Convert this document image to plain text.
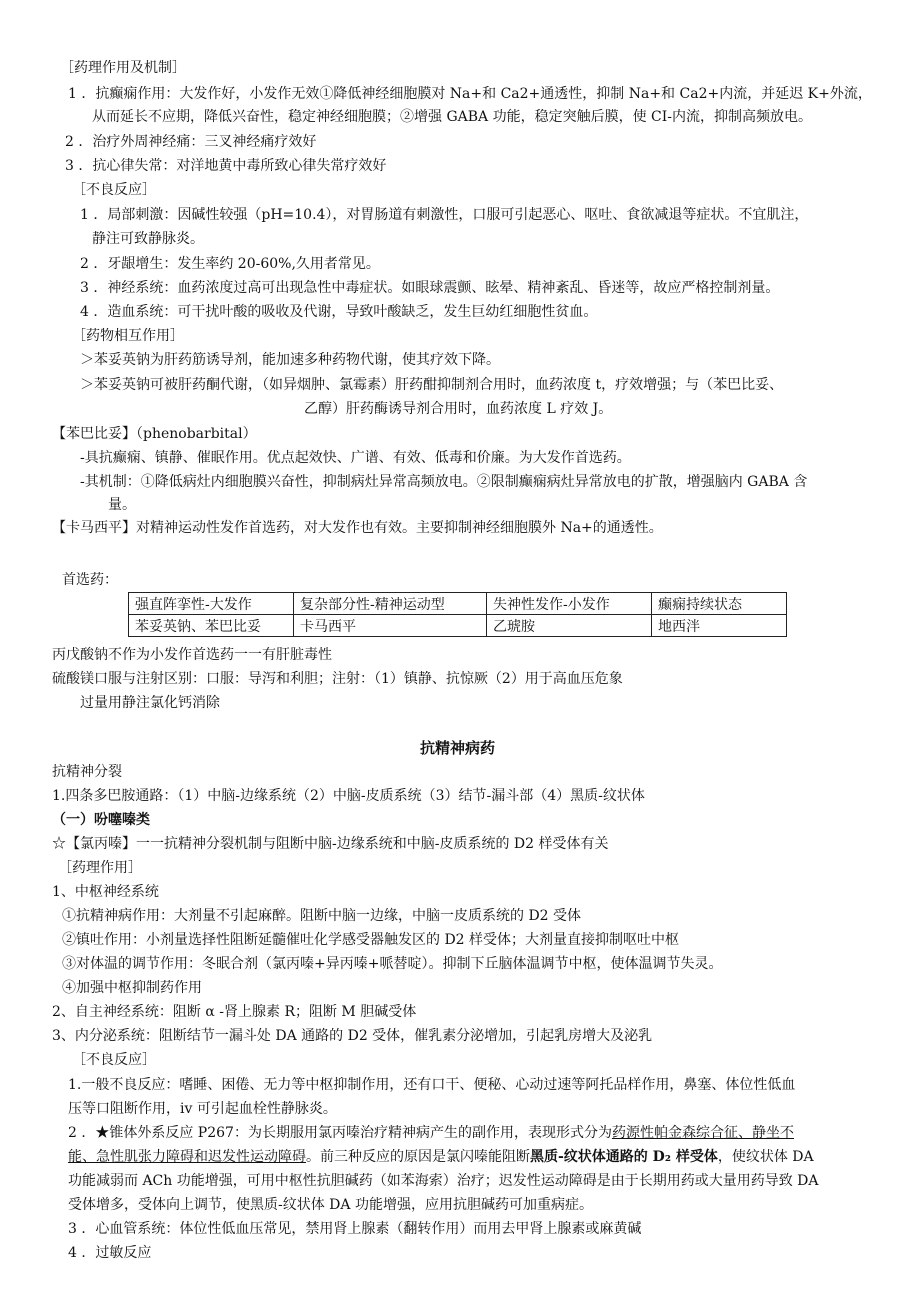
［药理作用及机制］
1 ．抗癫痫作用：大发作好，小发作无效①降低神经细胞膜对 Na+和 Ca2+通透性，抑制 Na+和 Ca2+内流，并延迟 K+外流，
从而延长不应期，降低兴奋性，稳定神经细胞膜；②增强 GABA 功能，稳定突触后膜，使 CI-内流，抑制高频放电。
2 ．治疗外周神经痛：三叉神经痛疗效好
3 ．抗心律失常：对洋地黄中毒所致心律失常疗效好
［不良反应］
1 ．局部刺激：因碱性较强（pH=10.4），对胃肠道有刺激性，口服可引起恶心、呕吐、食欲减退等症状。不宜肌注，
静注可致静脉炎。
2 ．牙龈增生：发生率约 20-60%,久用者常见。
3 ．神经系统：血药浓度过高可出现急性中毒症状。如眼球震颤、眩晕、精神紊乱、昏迷等，故应严格控制剂量。
4 ．造血系统：可干扰叶酸的吸收及代谢，导致叶酸缺乏，发生巨幼红细胞性贫血。
［药物相互作用］
＞苯妥英钠为肝药筋诱导剂，能加速多种药物代谢，使其疗效下降。
＞苯妥英钠可被肝药酮代谢，（如异烟肿、氯霉素）肝药酣抑制剂合用时，血药浓度 t，疗效增强；与（苯巴比妥、
乙醇）肝药酶诱导剂合用时，血药浓度 L 疗效 J。
【苯巴比妥】（phenobarbital）
-具抗癫痫、镇静、催眠作用。优点起效快、广谱、有效、低毒和价廉。为大发作首选药。
-其机制：①降低病灶内细胞膜兴奋性，抑制病灶异常高频放电。②限制癫痫病灶异常放电的扩散，增强脑内 GABA 含
量。
【卡马西平】对精神运动性发作首选药，对大发作也有效。主要抑制神经细胞膜外 Na+的通透性。
首选药：
强直阵挛性-大发作	复杂部分性-精神运动型	失神性发作-小发作	癫痫持续状态
苯妥英钠、苯巴比妥	卡马西平	乙琥胺	地西泮
丙戊酸钠不作为小发作首选药一一有肝脏毒性
硫酸镁口服与注射区别：口服：导泻和利胆；注射：（1）镇静、抗惊厥（2）用于高血压危象
过量用静注氯化钙消除
抗精神病药
抗精神分裂
1.四条多巴胺通路：（1）中脑-边缘系统（2）中脑-皮质系统（3）结节-漏斗部（4）黑质-纹状体
（一）吩噻嗪类
☆【氯丙嗪】一一抗精神分裂机制与阻断中脑-边缘系统和中脑-皮质系统的 D2 样受体有关
［药理作用］
1、中枢神经系统
①抗精神病作用：大剂量不引起麻醉。阻断中脑一边缘，中脑一皮质系统的 D2 受体
②镇吐作用：小剂量选择性阻断延髓催吐化学感受器触发区的 D2 样受体；大剂量直接抑制呕吐中枢
③对体温的调节作用：冬眠合剂（氯丙嗪+异丙嗪+哌替啶）。抑制下丘脑体温调节中枢，使体温调节失灵。
④加强中枢抑制药作用
2、自主神经系统：阻断 α -肾上腺素 R；阻断 M 胆碱受体
3、内分泌系统：阻断结节一漏斗处 DA 通路的 D2 受体，催乳素分泌增加，引起乳房增大及泌乳
［不良反应］
1.一般不良反应：嗜睡、困倦、无力等中枢抑制作用，还有口干、便秘、心动过速等阿托品样作用，鼻塞、体位性低血
压等口阻断作用，iv 可引起血栓性静脉炎。
2 ．★锥体外系反应 P267：为长期服用氯丙嗪治疗精神病产生的副作用，表现形式分为药源性帕金森综合征、静坐不
能、急性肌张力障碍和迟发性运动障碍。前三种反应的原因是氯闪嗪能阻断黑质-纹状体通路的 D₂ 样受体，使纹状体 DA
功能减弱而 ACh 功能增强，可用中枢性抗胆碱药（如苯海索）治疗；迟发性运动障碍是由于长期用药或大量用药导致 DA
受体增多，受体向上调节，使黑质-纹状体 DA 功能增强，应用抗胆碱药可加重病症。
3 ．心血管系统：体位性低血压常见，禁用肾上腺素（翻转作用）而用去甲肾上腺素或麻黄碱
4 ．过敏反应
